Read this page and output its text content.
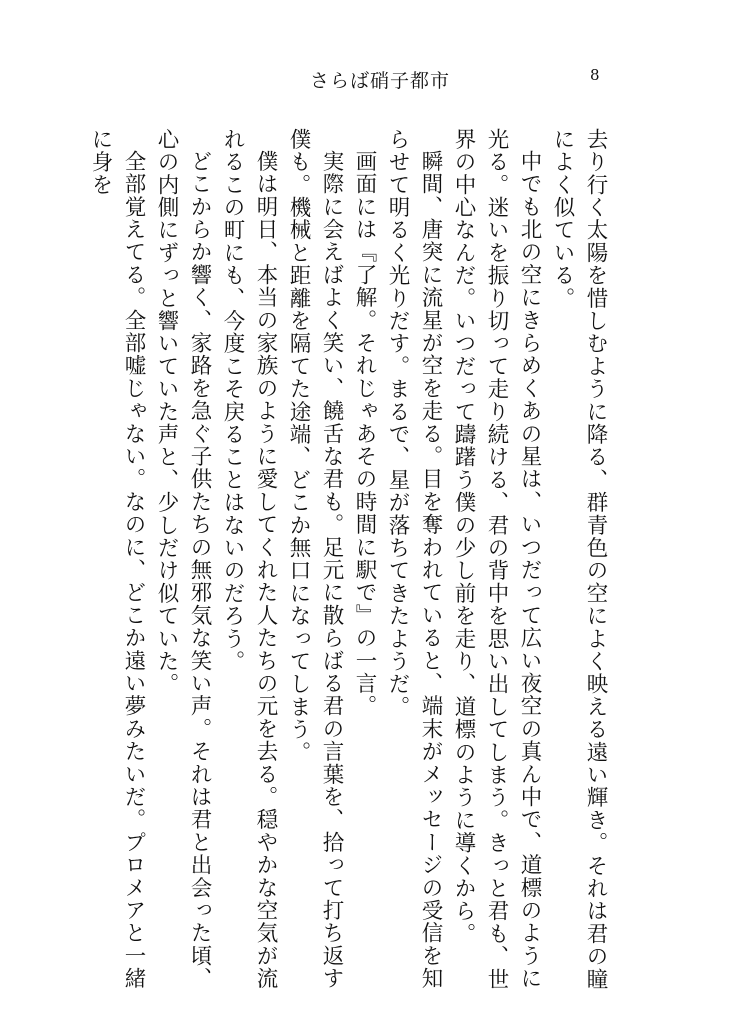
さらば硝子都市	8

去り行く太陽を惜しむように降る、群青色の空によく映える遠い輝き。それは君の瞳によく似ている。

中でも北の空にきらめくあの星は、いつだって広い夜空の真ん中で、道標のように光る。迷いを振り切って走り続ける、君の背中を思い出してしまう。きっと君も、世界の中心なんだ。いつだって躊躇う僕の少し前を走り、道標のように導くから。

瞬間、唐突に流星が空を走る。目を奪われていると、端末がメッセージの受信を知らせて明るく光りだす。まるで、星が落ちてきたようだ。

画面には『了解。それじゃあその時間に駅で』の一言。

実際に会えばよく笑い、饒舌な君も。足元に散らばる君の言葉を、拾って打ち返す僕も。機械と距離を隔てた途端、どこか無口になってしまう。

僕は明日、本当の家族のように愛してくれた人たちの元を去る。穏やかな空気が流れるこの町にも、今度こそ戻ることはないのだろう。

どこからか響く、家路を急ぐ子供たちの無邪気な笑い声。それは君と出会った頃、心の内側にずっと響いていた声と、少しだけ似ていた。

全部覚えてる。全部嘘じゃない。なのに、どこか遠い夢みたいだ。プロメアと一緒に身を
